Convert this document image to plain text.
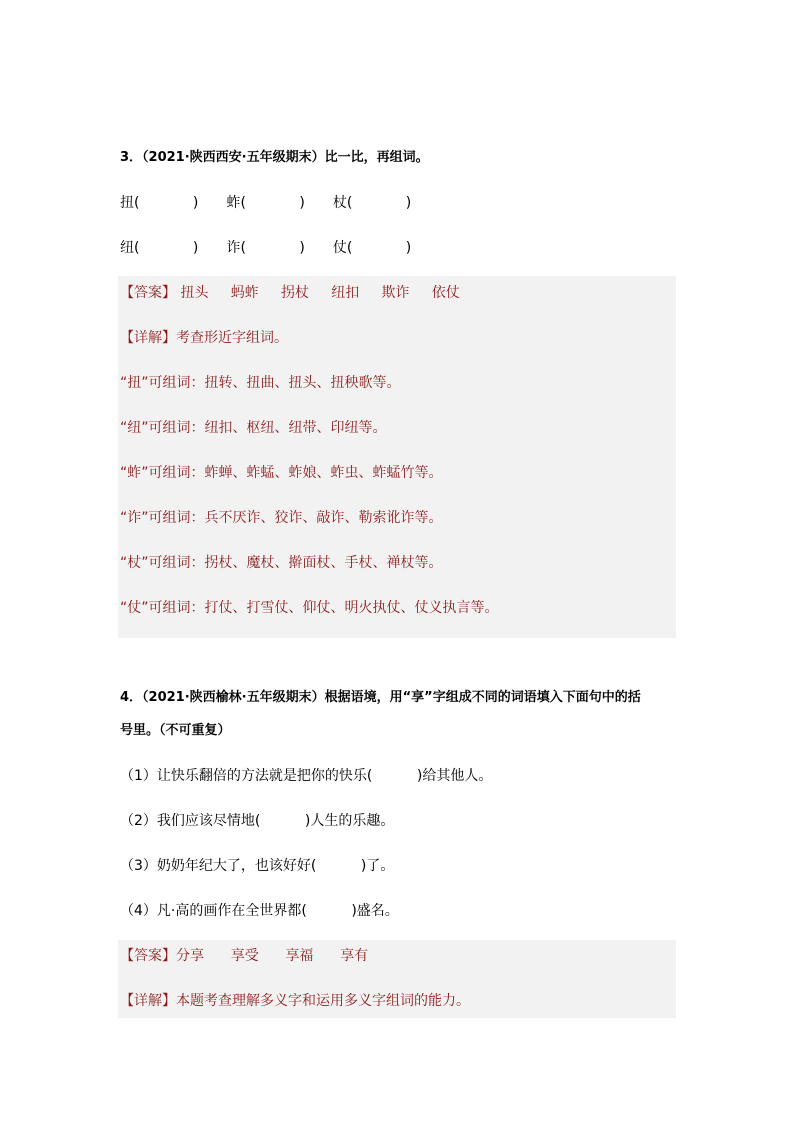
3．（2021·陕西西安·五年级期末）比一比，再组词。
扭(            ) 蚱(            ) 杖(            )
纽(            ) 诈(            ) 仗(            )
【答案】 扭头 蚂蚱 拐杖 纽扣 欺诈 依仗
【详解】考查形近字组词。
“扭”可组词：扭转、扭曲、扭头、扭秧歌等。
“纽”可组词：纽扣、枢纽、纽带、印纽等。
“蚱”可组词：蚱蝉、蚱蜢、蚱娘、蚱虫、蚱蜢竹等。
“诈”可组词：兵不厌诈、狡诈、敲诈、勒索讹诈等。
“杖”可组词：拐杖、魔杖、擀面杖、手杖、禅杖等。
“仗”可组词：打仗、打雪仗、仰仗、明火执仗、仗义执言等。
4．（2021·陕西榆林·五年级期末）根据语境，用“享”字组成不同的词语填入下面句中的括
号里。（不可重复）
（1）让快乐翻倍的方法就是把你的快乐(          )给其他人。
（2）我们应该尽情地(          )人生的乐趣。
（3）奶奶年纪大了，也该好好(          )了。
（4）凡·高的画作在全世界都(          )盛名。
【答案】分享 享受 享福 享有
【详解】本题考查理解多义字和运用多义字组词的能力。
